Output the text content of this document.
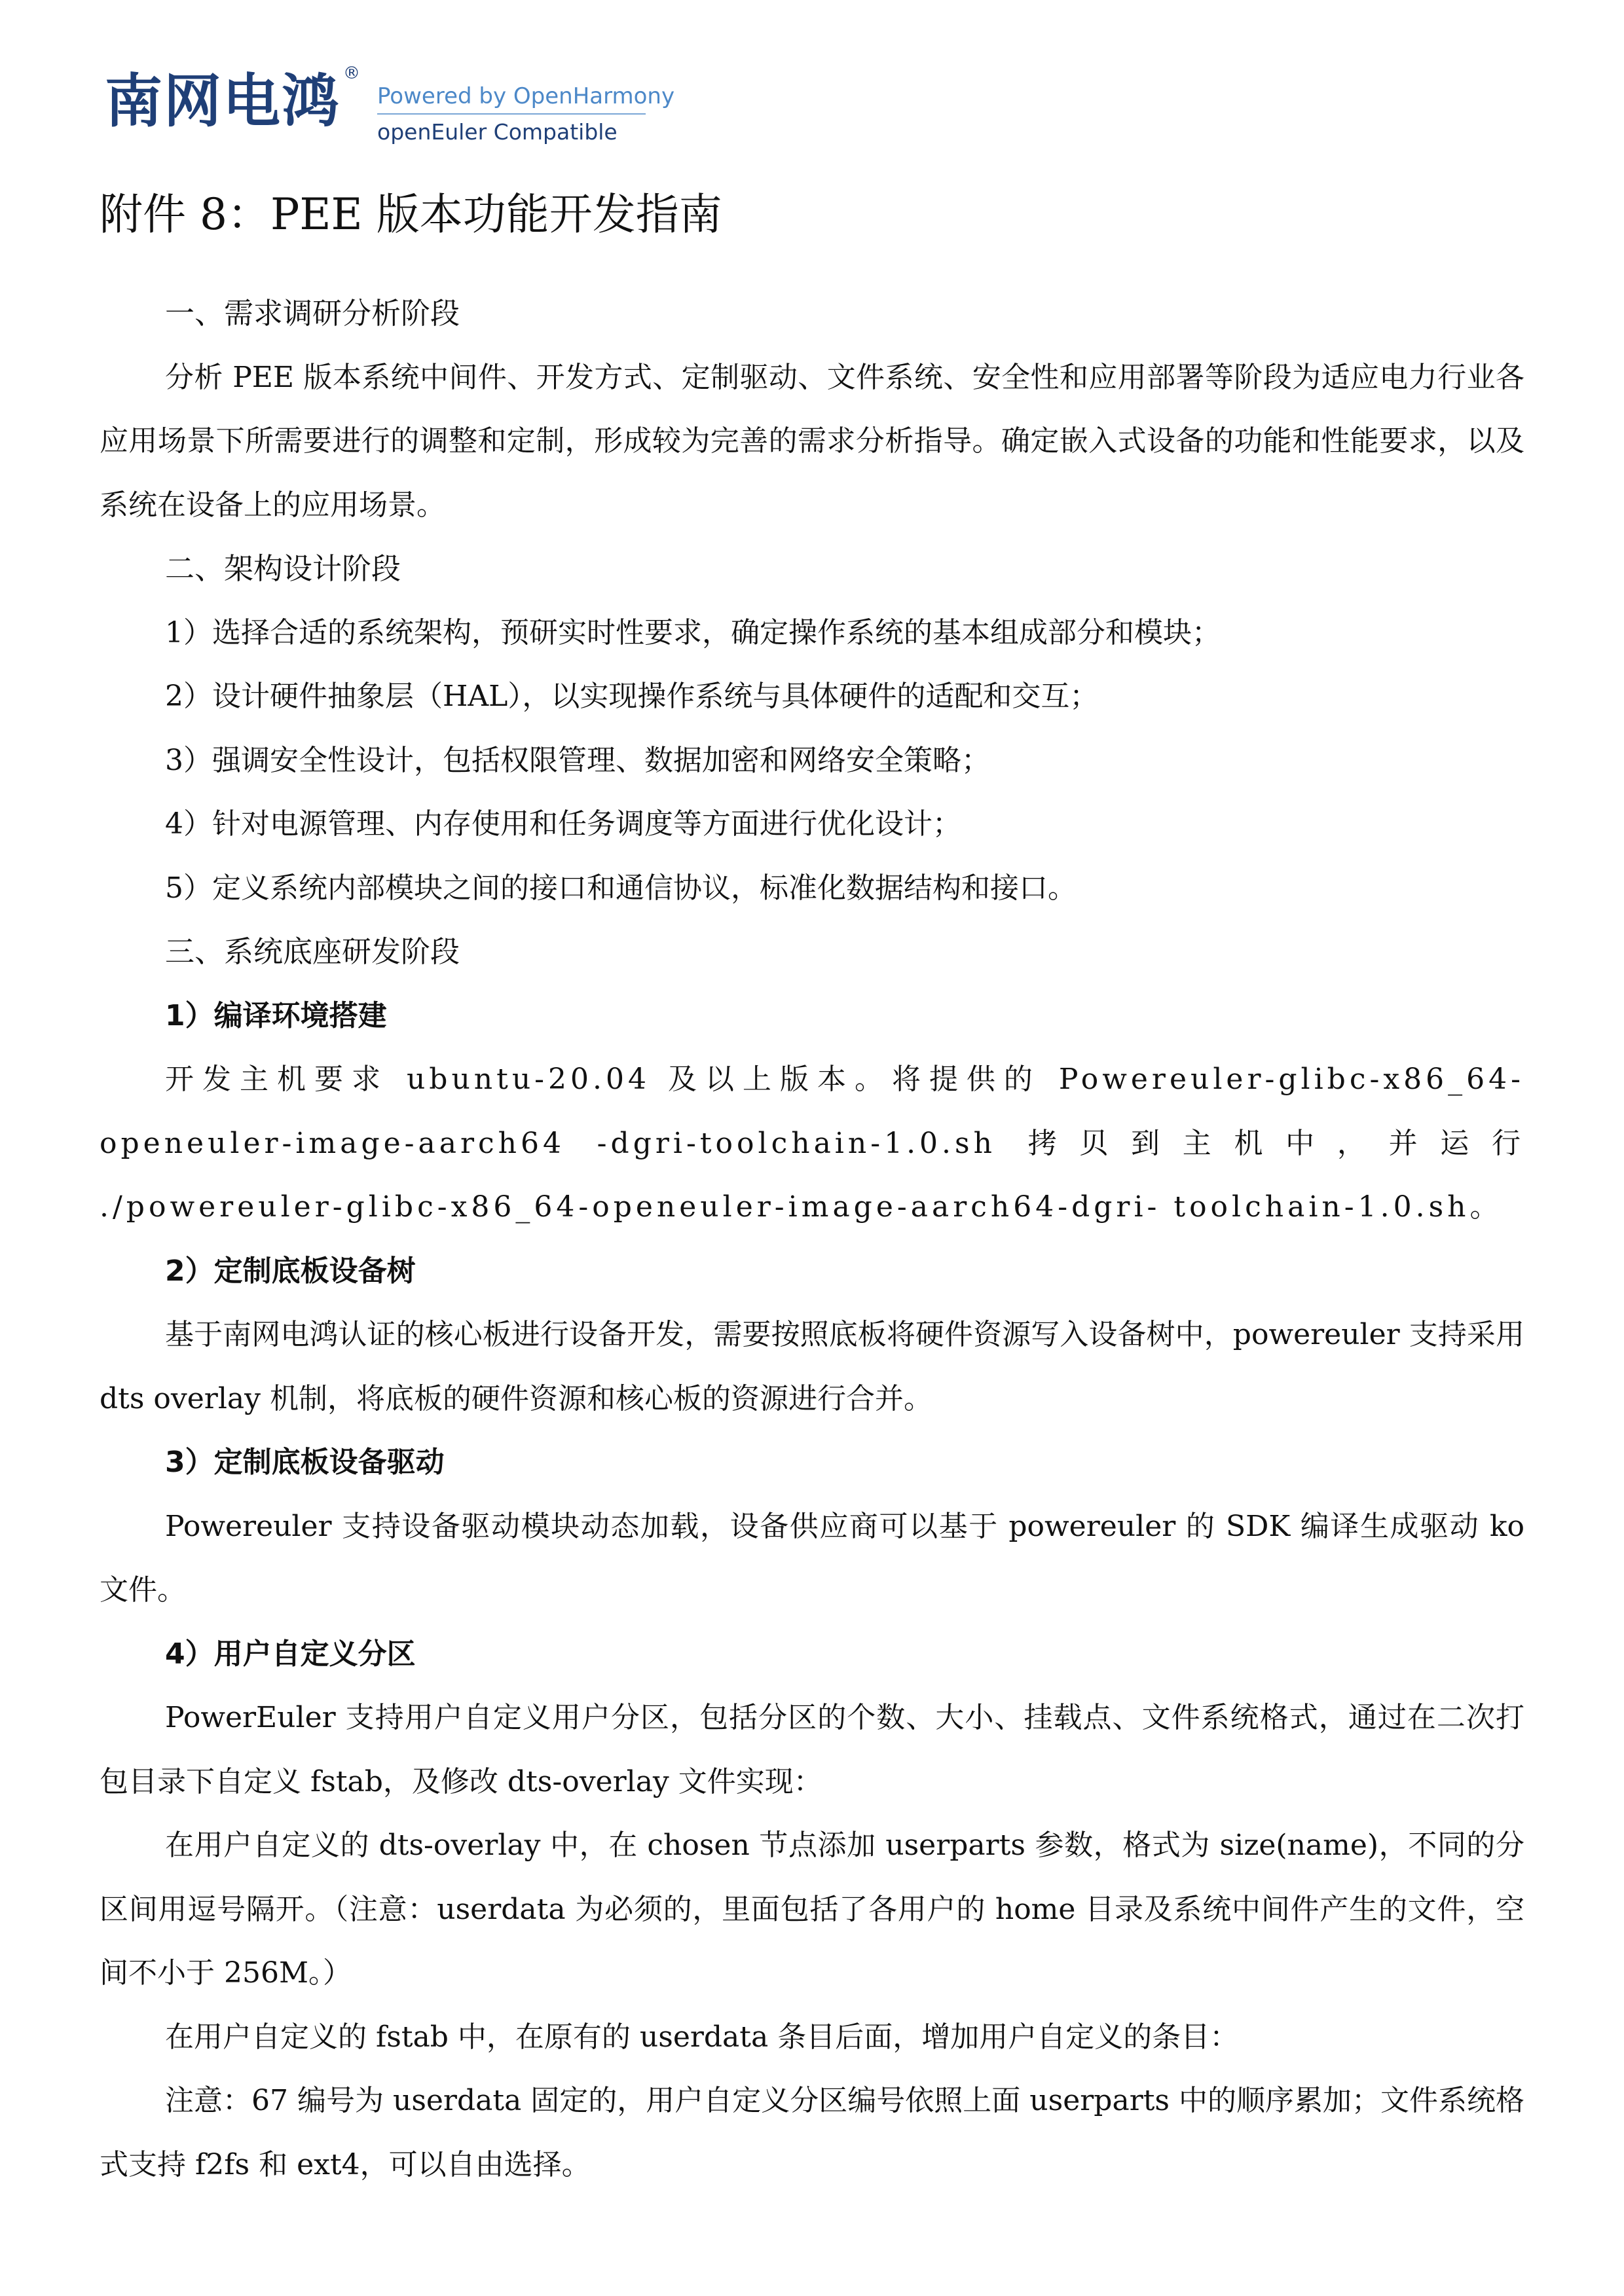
南网电鸿 ®
Powered by OpenHarmony
openEuler Compatible
附件 8：PEE 版本功能开发指南

一、需求调研分析阶段

分析 PEE 版本系统中间件、开发方式、定制驱动、文件系统、安全性和应用部署等阶段为适应电力行业各应用场景下所需要进行的调整和定制，形成较为完善的需求分析指导。确定嵌入式设备的功能和性能要求，以及系统在设备上的应用场景。

二、架构设计阶段

1）选择合适的系统架构，预研实时性要求，确定操作系统的基本组成部分和模块；

2）设计硬件抽象层（HAL），以实现操作系统与具体硬件的适配和交互；

3）强调安全性设计，包括权限管理、数据加密和网络安全策略；

4）针对电源管理、内存使用和任务调度等方面进行优化设计；

5）定义系统内部模块之间的接口和通信协议，标准化数据结构和接口。

三、系统底座研发阶段

1）编译环境搭建

开发主机要求 ubuntu-20.04 及以上版本。将提供的 Powereuler-glibc-x86_64-openeuler-image-aarch64 -dgri-toolchain-1.0.sh 拷贝到主机中，并运行 ./powereuler-glibc-x86_64-openeuler-image-aarch64-dgri- toolchain-1.0.sh。

2）定制底板设备树

基于南网电鸿认证的核心板进行设备开发，需要按照底板将硬件资源写入设备树中，powereuler 支持采用 dts overlay 机制，将底板的硬件资源和核心板的资源进行合并。

3）定制底板设备驱动

Powereuler 支持设备驱动模块动态加载，设备供应商可以基于 powereuler 的 SDK 编译生成驱动 ko 文件。

4）用户自定义分区

PowerEuler 支持用户自定义用户分区，包括分区的个数、大小、挂载点、文件系统格式，通过在二次打包目录下自定义 fstab，及修改 dts-overlay 文件实现：

在用户自定义的 dts-overlay 中，在 chosen 节点添加 userparts 参数，格式为 size(name)，不同的分区间用逗号隔开。（注意：userdata 为必须的，里面包括了各用户的 home 目录及系统中间件产生的文件，空间不小于 256M。）

在用户自定义的 fstab 中，在原有的 userdata 条目后面，增加用户自定义的条目：

注意：67 编号为 userdata 固定的，用户自定义分区编号依照上面 userparts 中的顺序累加；文件系统格式支持 f2fs 和 ext4，可以自由选择。
